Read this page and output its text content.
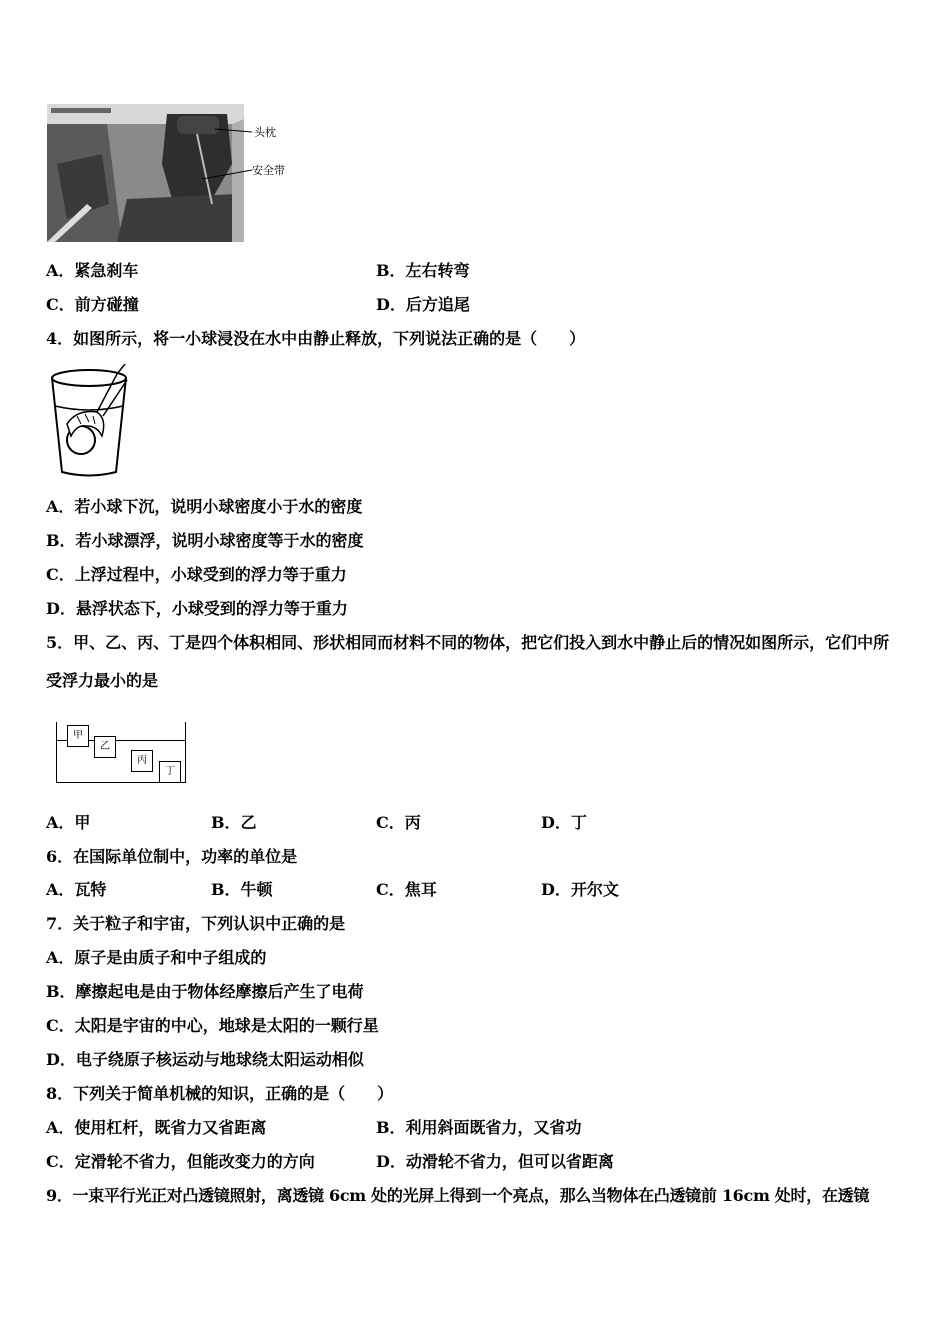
头枕
安全带
A．紧急刹车	B．左右转弯
C．前方碰撞	D．后方追尾
4．如图所示，将一小球浸没在水中由静止释放，下列说法正确的是（　　）
A．若小球下沉，说明小球密度小于水的密度
B．若小球漂浮，说明小球密度等于水的密度
C．上浮过程中，小球受到的浮力等于重力
D．悬浮状态下，小球受到的浮力等于重力
5．甲、乙、丙、丁是四个体积相同、形状相同而材料不同的物体，把它们投入到水中静止后的情况如图所示，它们中所
受浮力最小的是
甲
乙
丙
丁
A．甲	B．乙	C．丙	D．丁
6．在国际单位制中，功率的单位是
A．瓦特	B．牛顿	C．焦耳	D．开尔文
7．关于粒子和宇宙，下列认识中正确的是
A．原子是由质子和中子组成的
B．摩擦起电是由于物体经摩擦后产生了电荷
C．太阳是宇宙的中心，地球是太阳的一颗行星
D．电子绕原子核运动与地球绕太阳运动相似
8．下列关于简单机械的知识，正确的是（　　）
A．使用杠杆，既省力又省距离	B．利用斜面既省力，又省功
C．定滑轮不省力，但能改变力的方向	D．动滑轮不省力，但可以省距离
9．一束平行光正对凸透镜照射，离透镜 6cm 处的光屏上得到一个亮点，那么当物体在凸透镜前 16cm 处时，在透镜
